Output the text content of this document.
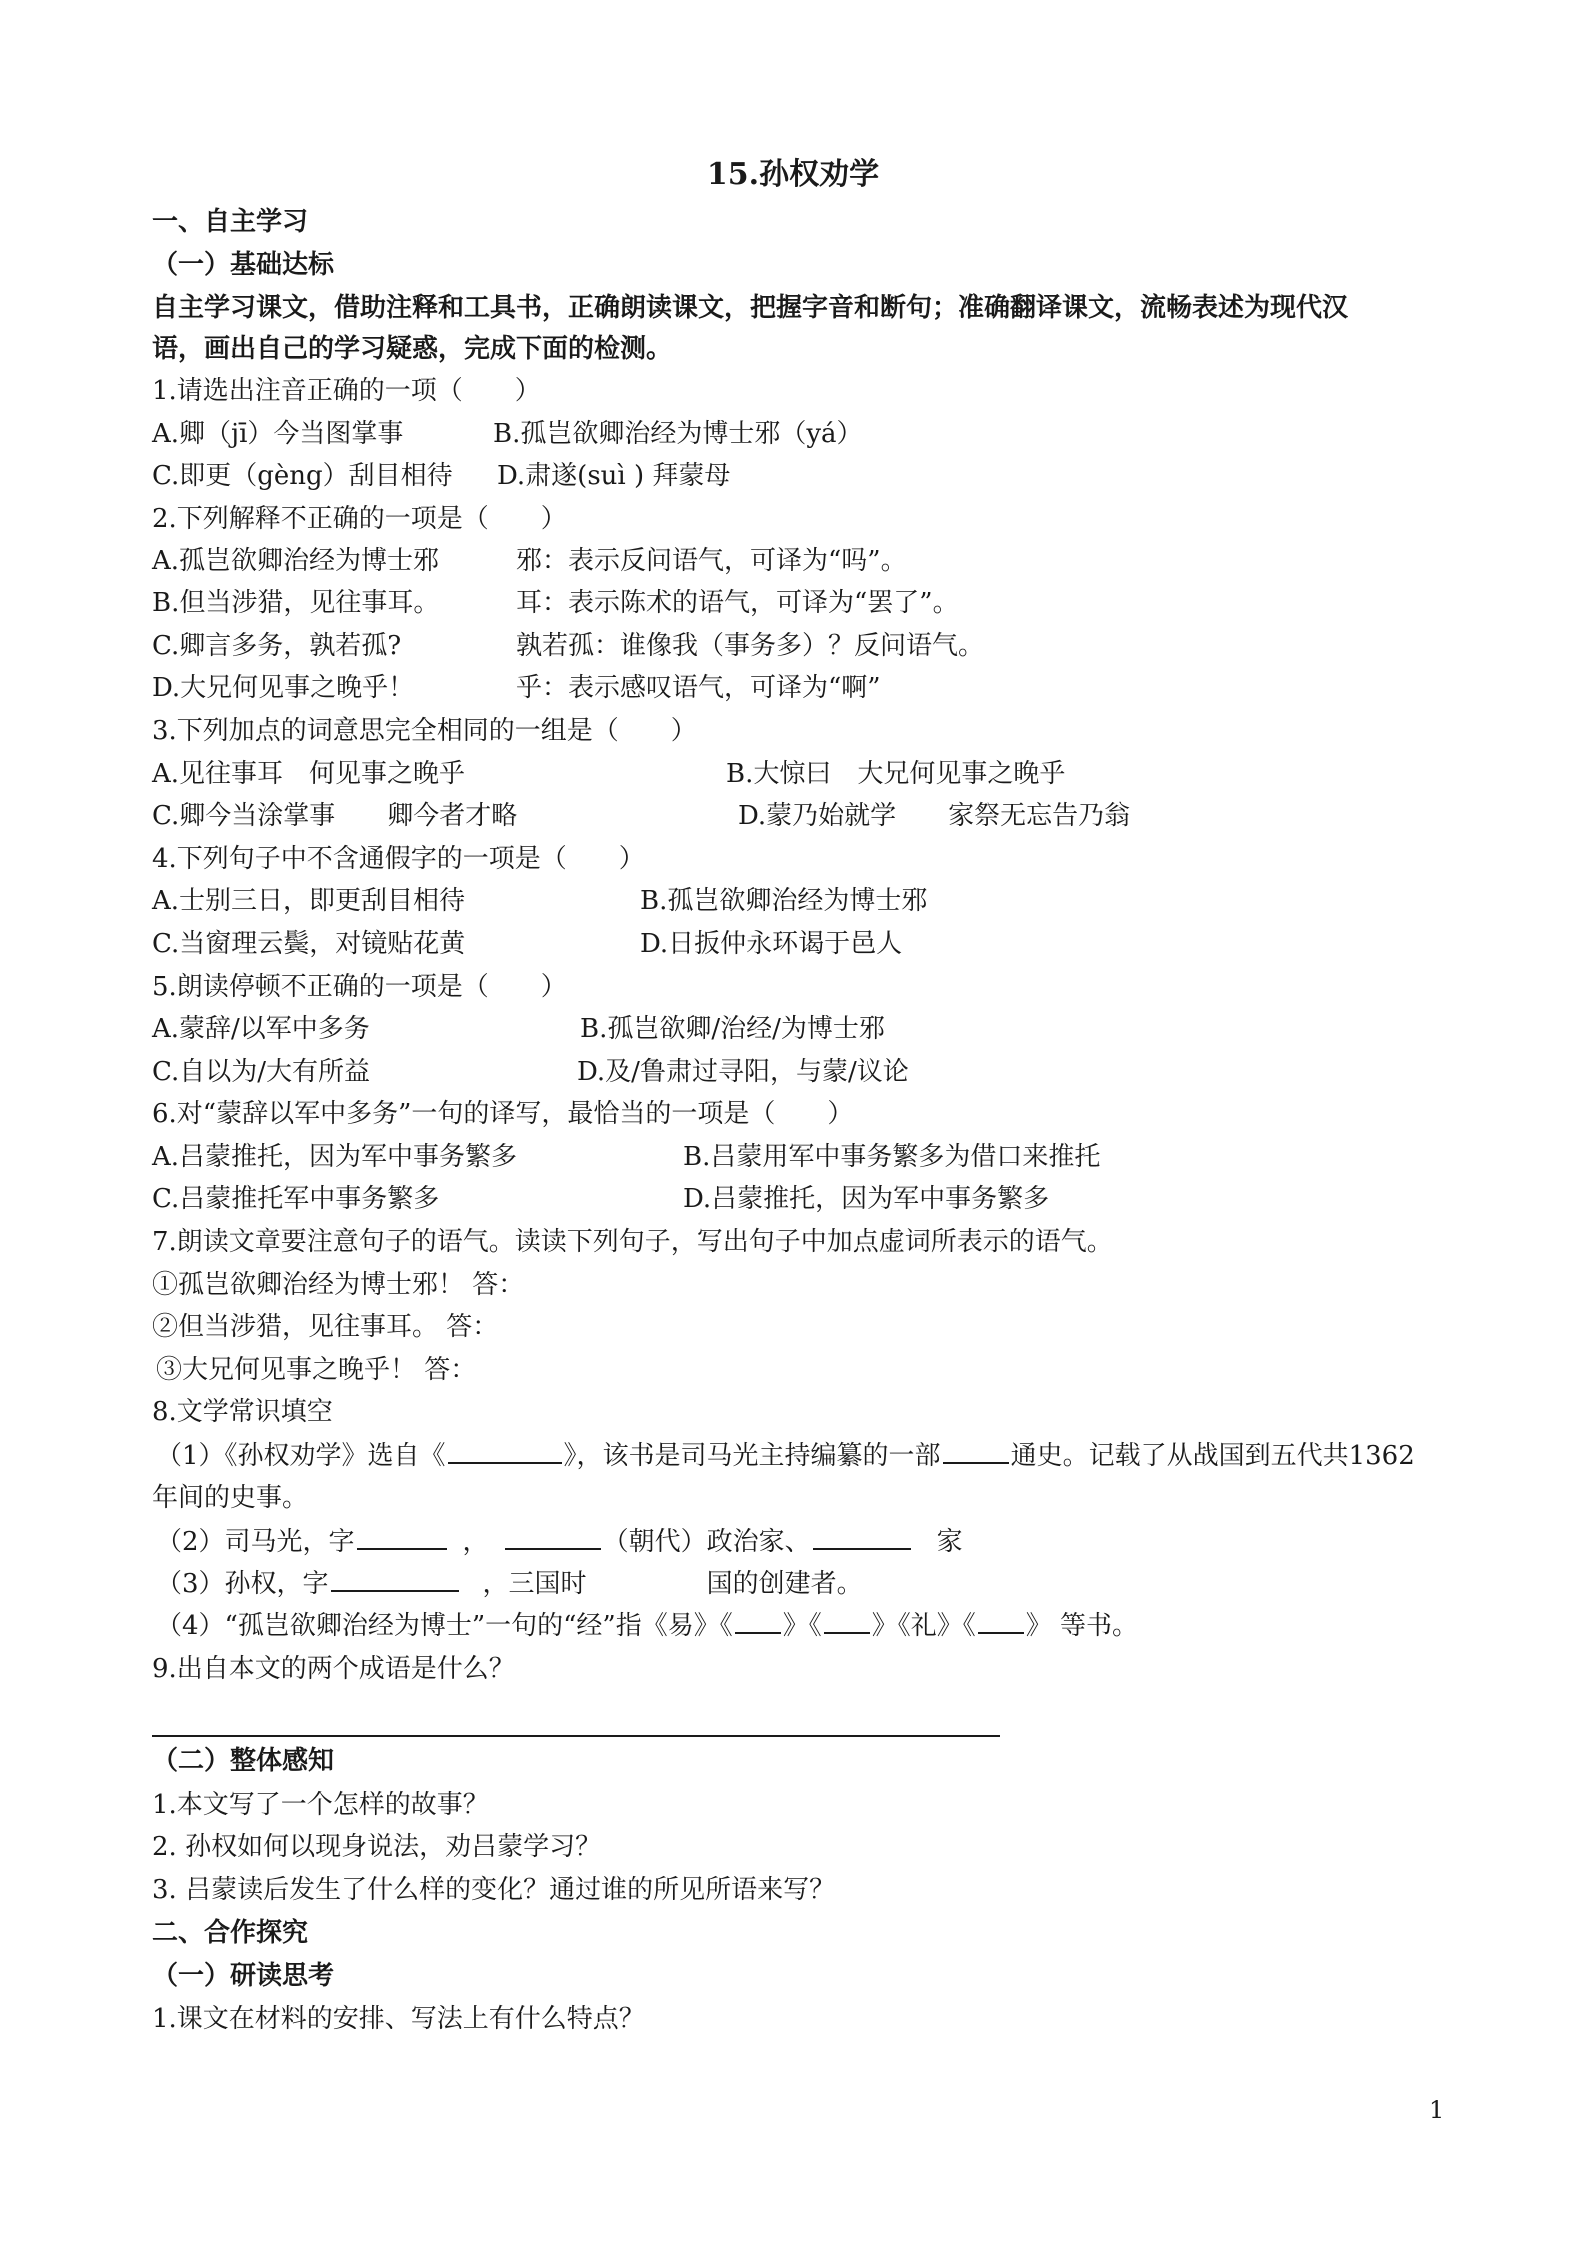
15.孙权劝学
一、自主学习
（一）基础达标
自主学习课文，借助注释和工具书，正确朗读课文，把握字音和断句；准确翻译课文，流畅表述为现代汉
语，画出自己的学习疑惑，完成下面的检测。
1.请选出注音正确的一项（　　）
A.卿（jī）今当图掌事	B.孤岂欲卿治经为博士邪（yá）
C.即更（gèng）刮目相待 D.肃遂(suì ) 拜蒙母
2.下列解释不正确的一项是（　　）
A.孤岂欲卿治经为博士邪	邪：表示反问语气，可译为“吗”。
B.但当涉猎，见往事耳。	耳：表示陈术的语气，可译为“罢了”。
C.卿言多务，孰若孤?	孰若孤：谁像我（事务多）？反问语气。
D.大兄何见事之晚乎！	乎：表示感叹语气，可译为“啊”
3.下列加点的词意思完全相同的一组是（　　）
A.见往事耳　何见事之晚乎	B.大惊曰　大兄何见事之晚乎
C.卿今当涂掌事　　卿今者才略	D.蒙乃始就学　　家祭无忘告乃翁
4.下列句子中不含通假字的一项是（　　）
A.士别三日，即更刮目相待	B.孤岂欲卿治经为博士邪
C.当窗理云鬓，对镜贴花黄	D.日扳仲永环谒于邑人
5.朗读停顿不正确的一项是（　　）
A.蒙辞/以军中多务	B.孤岂欲卿/治经/为博士邪
C.自以为/大有所益	D.及/鲁肃过寻阳，与蒙/议论
6.对“蒙辞以军中多务”一句的译写，最恰当的一项是（　　）
A.吕蒙推托，因为军中事务繁多	B.吕蒙用军中事务繁多为借口来推托
C.吕蒙推托军中事务繁多	D.吕蒙推托，因为军中事务繁多
7.朗读文章要注意句子的语气。读读下列句子，写出句子中加点虚词所表示的语气。
①孤岂欲卿治经为博士邪！ 答：
②但当涉猎，见往事耳。 答：
③大兄何见事之晚乎！ 答：
8.文学常识填空
（1）《孙权劝学》选自《	》，该书是司马光主持编纂的一部	通史。记载了从战国到五代共1362
年间的史事。
（2）司马光，字	，	（朝代）政治家、	家
（3）孙权，字	，三国时	国的创建者。
（4）“孤岂欲卿治经为博士”一句的“经”指《易》《 》《 》《礼》《 》 等书。
9.出自本文的两个成语是什么？
（二）整体感知
1.本文写了一个怎样的故事？
2. 孙权如何以现身说法，劝吕蒙学习？
3. 吕蒙读后发生了什么样的变化？通过谁的所见所语来写？
二、合作探究
（一）研读思考
1.课文在材料的安排、写法上有什么特点？
1
